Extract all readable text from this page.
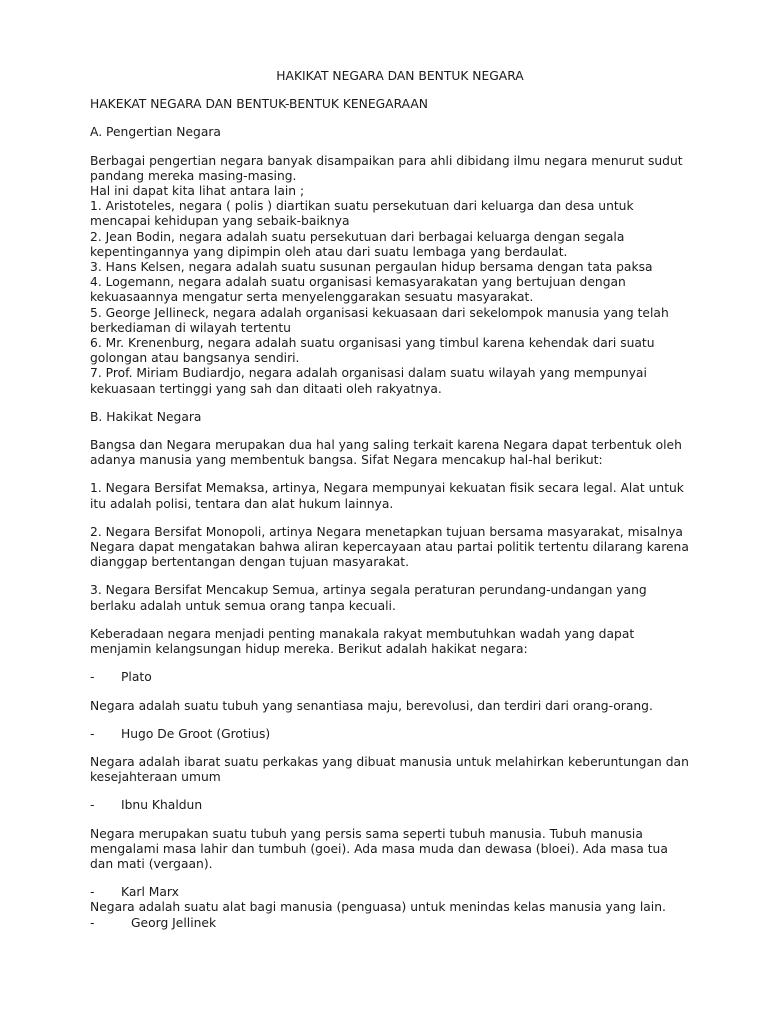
HAKIKAT NEGARA DAN BENTUK NEGARA

HAKEKAT NEGARA DAN BENTUK-BENTUK KENEGARAAN

A. Pengertian Negara

Berbagai pengertian negara banyak disampaikan para ahli dibidang ilmu negara menurut sudut pandang mereka masing-masing.
Hal ini dapat kita lihat antara lain ;
1. Aristoteles, negara ( polis ) diartikan suatu persekutuan dari keluarga dan desa untuk mencapai kehidupan yang sebaik-baiknya
2. Jean Bodin, negara adalah suatu persekutuan dari berbagai keluarga dengan segala kepentingannya yang dipimpin oleh atau dari suatu lembaga yang berdaulat.
3. Hans Kelsen, negara adalah suatu susunan pergaulan hidup bersama dengan tata paksa
4. Logemann, negara adalah suatu organisasi kemasyarakatan yang bertujuan dengan kekuasaannya mengatur serta menyelenggarakan sesuatu masyarakat.
5. George Jellineck, negara adalah organisasi kekuasaan dari sekelompok manusia yang telah berkediaman di wilayah tertentu
6. Mr. Krenenburg, negara adalah suatu organisasi yang timbul karena kehendak dari suatu golongan atau bangsanya sendiri.
7. Prof. Miriam Budiardjo, negara adalah organisasi dalam suatu wilayah yang mempunyai kekuasaan tertinggi yang sah dan ditaati oleh rakyatnya.

B. Hakikat Negara

Bangsa dan Negara merupakan dua hal yang saling terkait karena Negara dapat terbentuk oleh adanya manusia yang membentuk bangsa. Sifat Negara mencakup hal-hal berikut:

1. Negara Bersifat Memaksa, artinya, Negara mempunyai kekuatan fisik secara legal. Alat untuk itu adalah polisi, tentara dan alat hukum lainnya.

2. Negara Bersifat Monopoli, artinya Negara menetapkan tujuan bersama masyarakat, misalnya Negara dapat mengatakan bahwa aliran kepercayaan atau partai politik tertentu dilarang karena dianggap bertentangan dengan tujuan masyarakat.

3. Negara Bersifat Mencakup Semua, artinya segala peraturan perundang-undangan yang berlaku adalah untuk semua orang tanpa kecuali.

Keberadaan negara menjadi penting manakala rakyat membutuhkan wadah yang dapat menjamin kelangsungan hidup mereka. Berikut adalah hakikat negara:

-	Plato

Negara adalah suatu tubuh yang senantiasa maju, berevolusi, dan terdiri dari orang-orang.

-	Hugo De Groot (Grotius)

Negara adalah ibarat suatu perkakas yang dibuat manusia untuk melahirkan keberuntungan dan kesejahteraan umum

-	Ibnu Khaldun

Negara merupakan suatu tubuh yang persis sama seperti tubuh manusia. Tubuh manusia mengalami masa lahir dan tumbuh (goei). Ada masa muda dan dewasa (bloei). Ada masa tua dan mati (vergaan).

-	Karl Marx
Negara adalah suatu alat bagi manusia (penguasa) untuk menindas kelas manusia yang lain.
-	Georg Jellinek
